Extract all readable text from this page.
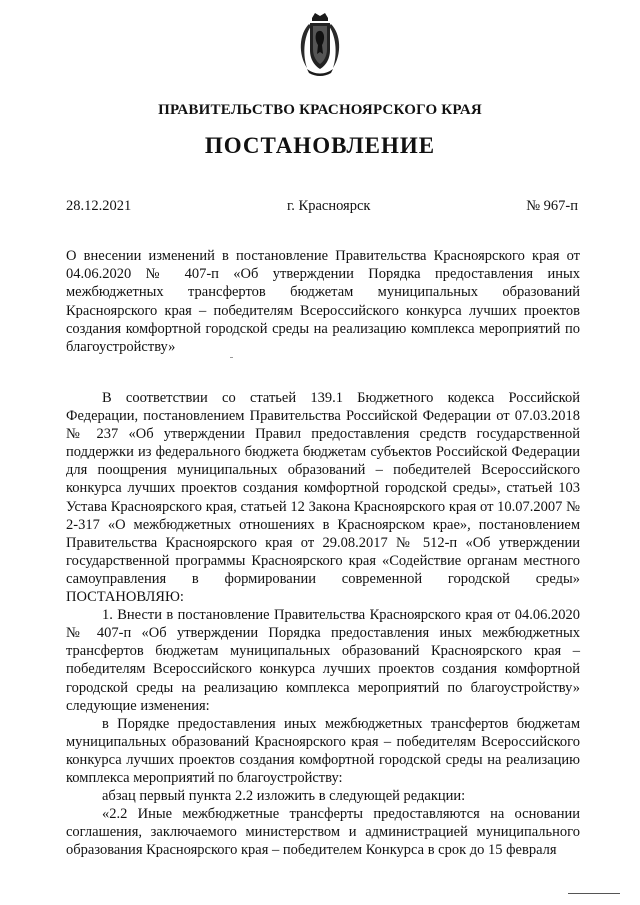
ПРАВИТЕЛЬСТВО КРАСНОЯРСКОГО КРАЯ
ПОСТАНОВЛЕНИЕ
28.12.2021	г. Красноярск	№ 967-п
О внесении изменений в постановление Правительства Красноярского края от 04.06.2020 № 407-п «Об утверждении Порядка предоставления иных межбюджетных трансфертов бюджетам муниципальных образований Красноярского края – победителям Всероссийского конкурса лучших проектов создания комфортной городской среды на реализацию комплекса мероприятий по благоустройству»

В соответствии со статьей 139.1 Бюджетного кодекса Российской Федерации, постановлением Правительства Российской Федерации от 07.03.2018 № 237 «Об утверждении Правил предоставления средств государственной поддержки из федерального бюджета бюджетам субъектов Российской Федерации для поощрения муниципальных образований – победителей Всероссийского конкурса лучших проектов создания комфортной городской среды», статьей 103 Устава Красноярского края, статьей 12 Закона Красноярского края от 10.07.2007 № 2-317 «О межбюджетных отношениях в Красноярском крае», постановлением Правительства Красноярского края от 29.08.2017 № 512-п «Об утверждении государственной программы Красноярского края «Содействие органам местного самоуправления в формировании современной городской среды» ПОСТАНОВЛЯЮ:

1. Внести в постановление Правительства Красноярского края от 04.06.2020 № 407-п «Об утверждении Порядка предоставления иных межбюджетных трансфертов бюджетам муниципальных образований Красноярского края – победителям Всероссийского конкурса лучших проектов создания комфортной городской среды на реализацию комплекса мероприятий по благоустройству» следующие изменения:

в Порядке предоставления иных межбюджетных трансфертов бюджетам муниципальных образований Красноярского края – победителям Всероссийского конкурса лучших проектов создания комфортной городской среды на реализацию комплекса мероприятий по благоустройству:

абзац первый пункта 2.2 изложить в следующей редакции:

«2.2 Иные межбюджетные трансферты предоставляются на основании соглашения, заключаемого министерством и администрацией муниципального образования Красноярского края – победителем Конкурса в срок до 15 февраля
